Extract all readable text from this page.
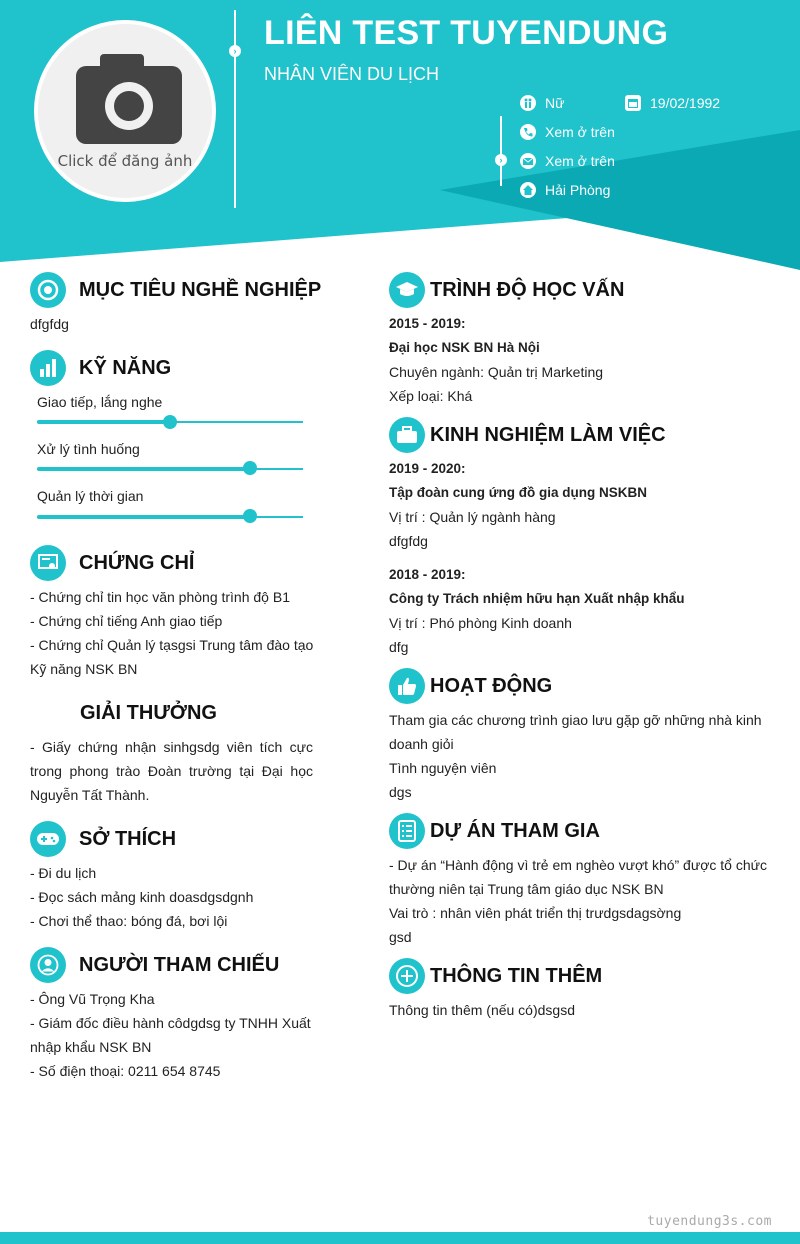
Click để đăng ảnh
› LIÊN TEST TUYENDUNG
NHÂN VIÊN DU LỊCH
›
Nữ	19/02/1992
Xem ở trên
Xem ở trên
Hải Phòng
MỤC TIÊU NGHỀ NGHIỆP
dfgfdg
KỸ NĂNG
Giao tiếp, lắng nghe
Xử lý tình huống
Quản lý thời gian
CHỨNG CHỈ

- Chứng chỉ tin học văn phòng trình độ B1

- Chứng chỉ tiếng Anh giao tiếp

- Chứng chỉ Quản lý tạsgsi Trung tâm đào tạo

Kỹ năng NSK BN

GIẢI THƯỞNG

- Giấy chứng nhận sinhgsdg viên tích cực

trong phong trào Đoàn trường tại Đại học

Nguyễn Tất Thành.

SỞ THÍCH

- Đi du lịch

- Đọc sách mảng kinh doasdgsdgnh

- Chơi thể thao: bóng đá, bơi lội

NGƯỜI THAM CHIẾU

- Ông Vũ Trọng Kha

- Giám đốc điều hành côdgdsg ty TNHH Xuất

nhập khẩu NSK BN

- Số điện thoại: 0211 654 8745

TRÌNH ĐỘ HỌC VẤN

2015 - 2019:

Đại học NSK BN Hà Nội

Chuyên ngành: Quản trị Marketing

Xếp loại: Khá

KINH NGHIỆM LÀM VIỆC

2019 - 2020:

Tập đoàn cung ứng đồ gia dụng NSKBN

Vị trí : Quản lý ngành hàng

dfgfdg

2018 - 2019:

Công ty Trách nhiệm hữu hạn Xuất nhập khẩu

Vị trí : Phó phòng Kinh doanh

dfg

HOẠT ĐỘNG

Tham gia các chương trình giao lưu gặp gỡ những nhà kinh

doanh giỏi

Tình nguyện viên

dgs

DỰ ÁN THAM GIA

- Dự án “Hành động vì trẻ em nghèo vượt khó” được tổ chức

thường niên tại Trung tâm giáo dục NSK BN

Vai trò : nhân viên phát triển thị trưdgsdagsờng

gsd

THÔNG TIN THÊM
Thông tin thêm (nếu có)dsgsd
tuyendung3s.com
